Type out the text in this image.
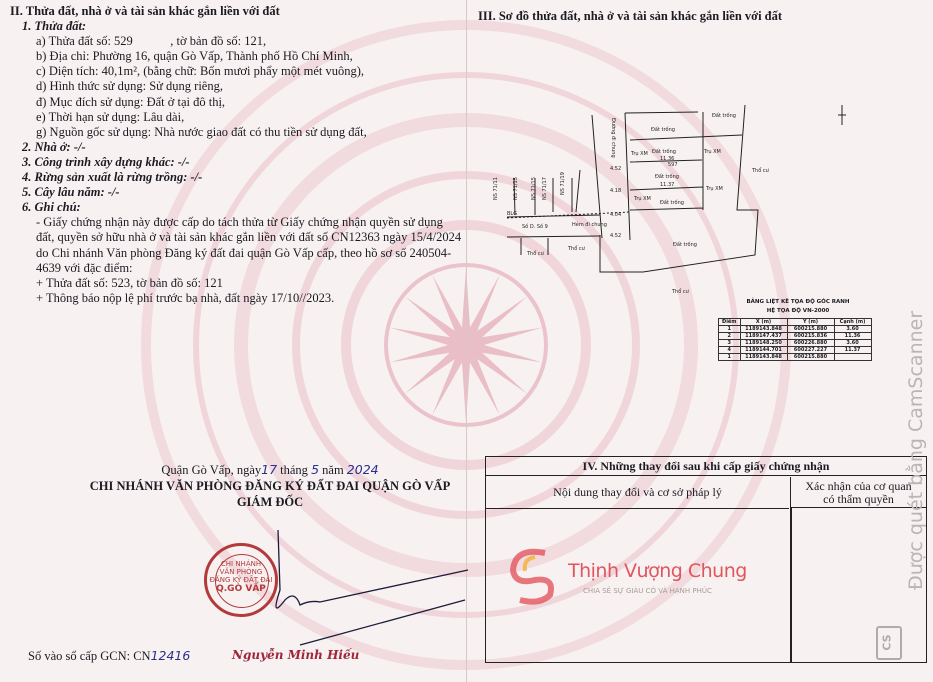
II. Thửa đất, nhà ở và tài sản khác gắn liền với đất
1. Thửa đất:
a) Thửa đất số: 529            , tờ bản đồ số: 121,
b) Địa chỉ: Phường 16, quận Gò Vấp, Thành phố Hồ Chí Minh,
c) Diện tích: 40,1m², (bằng chữ: Bốn mươi phẩy một mét vuông),
d) Hình thức sử dụng: Sử dụng riêng,
đ) Mục đích sử dụng: Đất ở tại đô thị,
e) Thời hạn sử dụng: Lâu dài,
g) Nguồn gốc sử dụng: Nhà nước giao đất có thu tiền sử dụng đất,
2. Nhà ở: -/-
3. Công trình xây dựng khác: -/-
4. Rừng sản xuất là rừng trồng: -/-
5. Cây lâu năm: -/-
6. Ghi chú:
- Giấy chứng nhận này được cấp do tách thửa từ Giấy chứng nhận quyền sử dụng đất, quyền sở hữu nhà ở và tài sản khác gắn liền với đất số CN12363 ngày 15/4/2024 do Chi nhánh Văn phòng Đăng ký đất đai quận Gò Vấp cấp, theo hồ sơ số 240504-4639 với đặc điểm:
+ Thửa đất số: 523, tờ bản đồ số: 121
+ Thông báo nộp lệ phí trước bạ nhà, đất ngày 17/10//2023.
Quận Gò Vấp, ngày17 tháng 5 năm 2024
CHI NHÁNH VĂN PHÒNG ĐĂNG KÝ ĐẤT ĐAI QUẬN GÒ VẤP
GIÁM ĐỐC
CHI NHÁNH
VĂN PHÒNG
ĐĂNG KÝ ĐẤT ĐAI
Q.GÒ VẤP
Nguyễn Minh Hiếu
Số vào sổ cấp GCN: CN12416
III. Sơ đồ thửa đất, nhà ở và tài sản khác gắn liền với đất
Đất trống
Đất trống
Đất trống
Đất trống
Đất trống
Đất trống
Thổ cư
Thổ cư
Thổ cư
Thổ cư
Trụ XM	Trụ XM
Trụ XM
Trụ XM
Hẻm đi chung
Số D. Số 9
Đường đi chung
BLG
597
11.36
11.37
4.52
4.18
4.04
4.52
NS 71/11	NS 71/15 NS 71/15 NS 71/17 NS 71/19
BẢNG LIỆT KÊ TỌA ĐỘ GÓC RANH
HỆ TỌA ĐỘ VN-2000
Điểm	X (m)	Y (m)	Cạnh (m)
1	1189143.848	600215.880	3.60
2	1189147.437	600215.836	11.36
3	1189148.250	600226.880	3.60
4	1189144.701	600227.227	11.37
1	1189143.848	600215.880	
IV. Những thay đổi sau khi cấp giấy chứng nhận
Nội dung thay đổi và cơ sở pháp lý	Xác nhận của cơ quan
có thẩm quyền
Thịnh Vượng Chung
CHIA SẺ SỰ GIÀU CÓ VÀ HẠNH PHÚC
Được quét bằng CamScanner
CS
